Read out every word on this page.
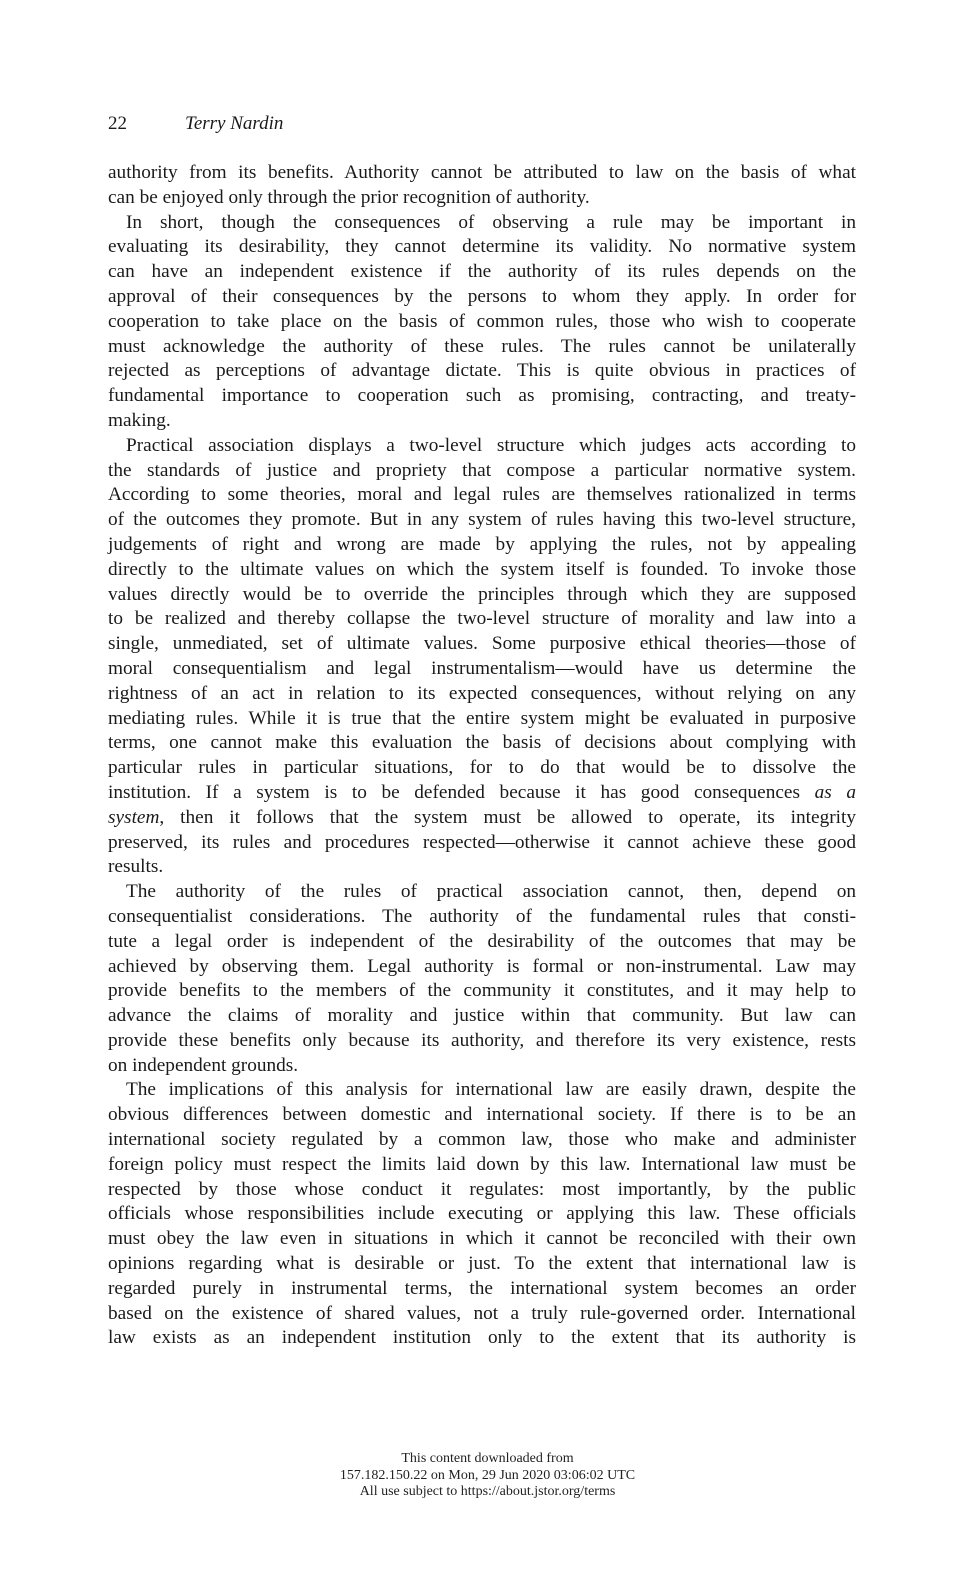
22	Terry Nardin
authority from its benefits. Authority cannot be attributed to law on the basis of what
can be enjoyed only through the prior recognition of authority.
In short, though the consequences of observing a rule may be important in
evaluating its desirability, they cannot determine its validity. No normative system
can have an independent existence if the authority of its rules depends on the
approval of their consequences by the persons to whom they apply. In order for
cooperation to take place on the basis of common rules, those who wish to cooperate
must acknowledge the authority of these rules. The rules cannot be unilaterally
rejected as perceptions of advantage dictate. This is quite obvious in practices of
fundamental importance to cooperation such as promising, contracting, and treaty-
making.
Practical association displays a two-level structure which judges acts according to
the standards of justice and propriety that compose a particular normative system.
According to some theories, moral and legal rules are themselves rationalized in terms
of the outcomes they promote. But in any system of rules having this two-level structure,
judgements of right and wrong are made by applying the rules, not by appealing
directly to the ultimate values on which the system itself is founded. To invoke those
values directly would be to override the principles through which they are supposed
to be realized and thereby collapse the two-level structure of morality and law into a
single, unmediated, set of ultimate values. Some purposive ethical theories—those of
moral consequentialism and legal instrumentalism—would have us determine the
rightness of an act in relation to its expected consequences, without relying on any
mediating rules. While it is true that the entire system might be evaluated in purposive
terms, one cannot make this evaluation the basis of decisions about complying with
particular rules in particular situations, for to do that would be to dissolve the
institution. If a system is to be defended because it has good consequences as a
system, then it follows that the system must be allowed to operate, its integrity
preserved, its rules and procedures respected—otherwise it cannot achieve these good
results.
The authority of the rules of practical association cannot, then, depend on
consequentialist considerations. The authority of the fundamental rules that consti-
tute a legal order is independent of the desirability of the outcomes that may be
achieved by observing them. Legal authority is formal or non-instrumental. Law may
provide benefits to the members of the community it constitutes, and it may help to
advance the claims of morality and justice within that community. But law can
provide these benefits only because its authority, and therefore its very existence, rests
on independent grounds.
The implications of this analysis for international law are easily drawn, despite the
obvious differences between domestic and international society. If there is to be an
international society regulated by a common law, those who make and administer
foreign policy must respect the limits laid down by this law. International law must be
respected by those whose conduct it regulates: most importantly, by the public
officials whose responsibilities include executing or applying this law. These officials
must obey the law even in situations in which it cannot be reconciled with their own
opinions regarding what is desirable or just. To the extent that international law is
regarded purely in instrumental terms, the international system becomes an order
based on the existence of shared values, not a truly rule-governed order. International
law exists as an independent institution only to the extent that its authority is
This content downloaded from
157.182.150.22 on Mon, 29 Jun 2020 03:06:02 UTC
All use subject to https://about.jstor.org/terms
